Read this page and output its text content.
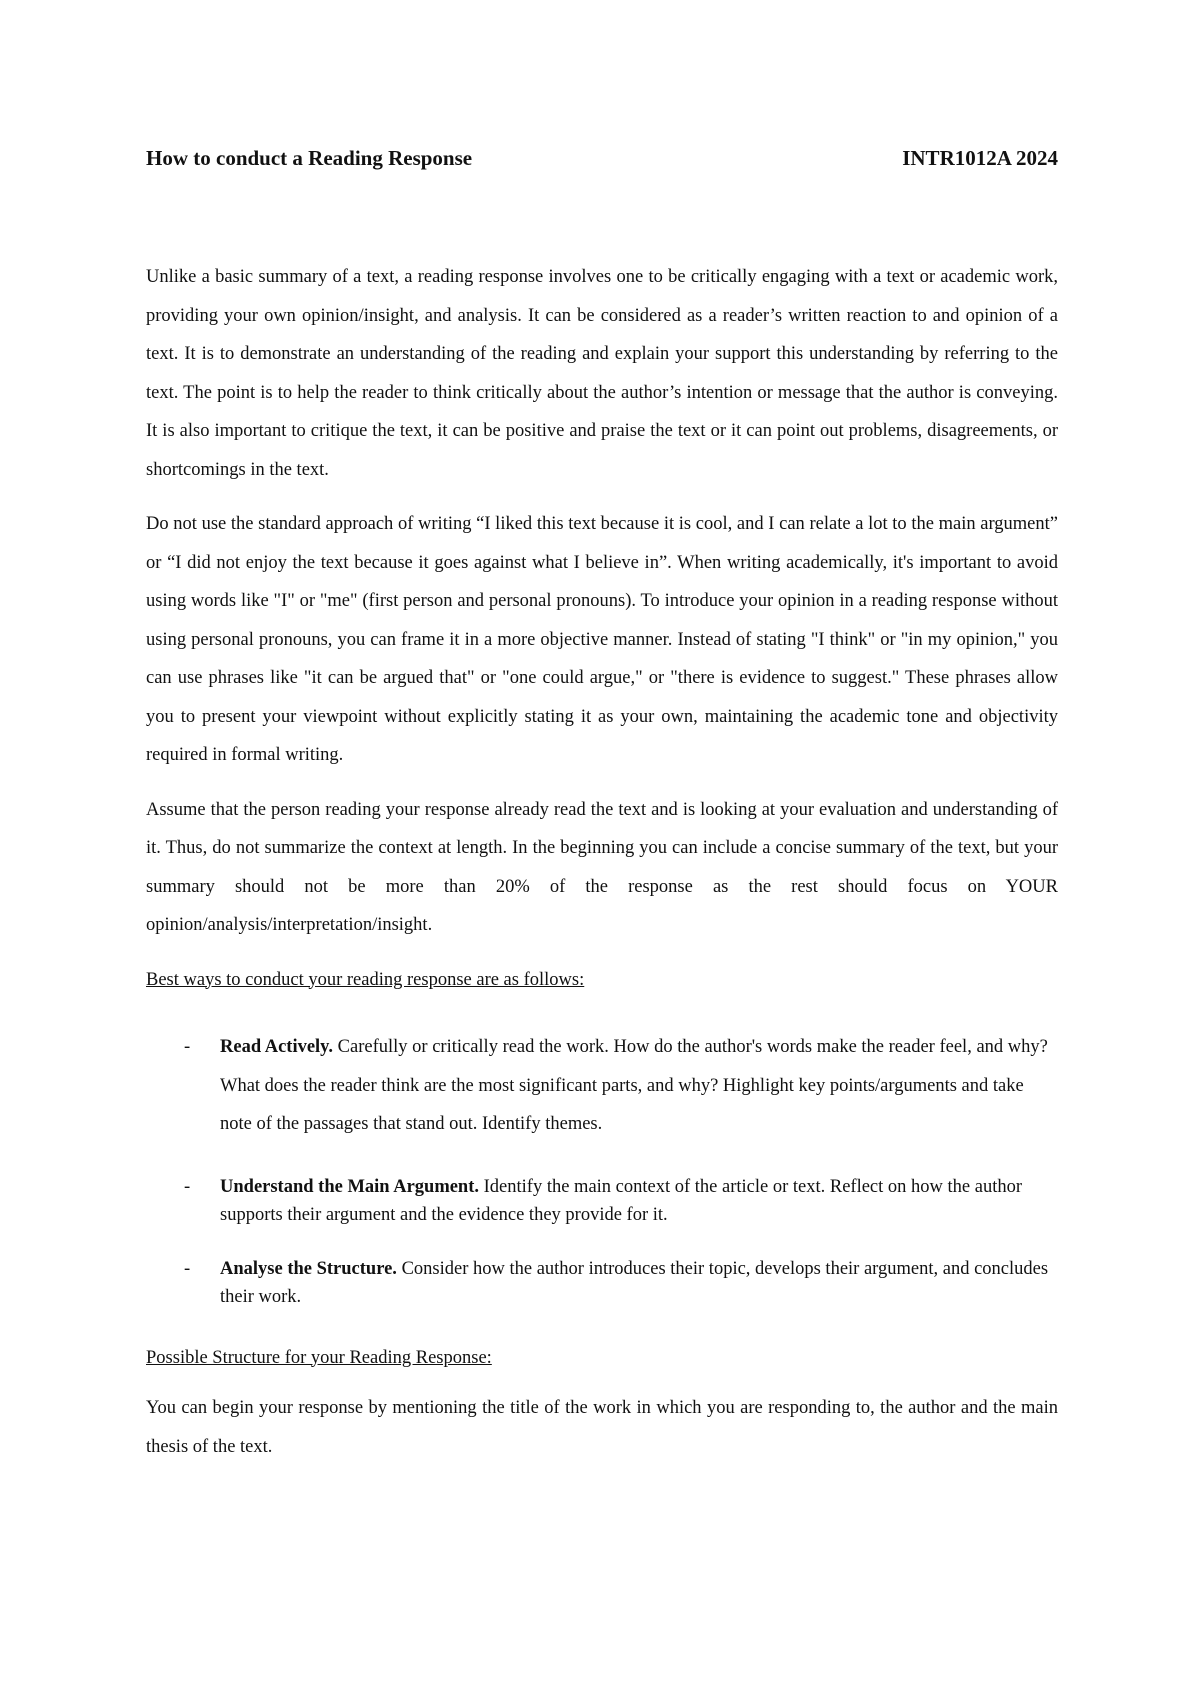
How to conduct a Reading Response	INTR1012A 2024

Unlike a basic summary of a text, a reading response involves one to be critically engaging with a text or academic work, providing your own opinion/insight, and analysis. It can be considered as a reader’s written reaction to and opinion of a text. It is to demonstrate an understanding of the reading and explain your support this understanding by referring to the text. The point is to help the reader to think critically about the author’s intention or message that the author is conveying. It is also important to critique the text, it can be positive and praise the text or it can point out problems, disagreements, or shortcomings in the text.

Do not use the standard approach of writing “I liked this text because it is cool, and I can relate a lot to the main argument” or “I did not enjoy the text because it goes against what I believe in”. When writing academically, it's important to avoid using words like "I" or "me" (first person and personal pronouns). To introduce your opinion in a reading response without using personal pronouns, you can frame it in a more objective manner. Instead of stating "I think" or "in my opinion," you can use phrases like "it can be argued that" or "one could argue," or "there is evidence to suggest." These phrases allow you to present your viewpoint without explicitly stating it as your own, maintaining the academic tone and objectivity required in formal writing.

Assume that the person reading your response already read the text and is looking at your evaluation and understanding of it. Thus, do not summarize the context at length. In the beginning you can include a concise summary of the text, but your summary should not be more than 20% of the response as the rest should focus on YOUR opinion/analysis/interpretation/insight.

Best ways to conduct your reading response are as follows:

- Read Actively. Carefully or critically read the work. How do the author's words make the reader feel, and why? What does the reader think are the most significant parts, and why? Highlight key points/arguments and take note of the passages that stand out. Identify themes.
- Understand the Main Argument. Identify the main context of the article or text. Reflect on how the author supports their argument and the evidence they provide for it.
- Analyse the Structure. Consider how the author introduces their topic, develops their argument, and concludes their work.

Possible Structure for your Reading Response:

You can begin your response by mentioning the title of the work in which you are responding to, the author and the main thesis of the text.
